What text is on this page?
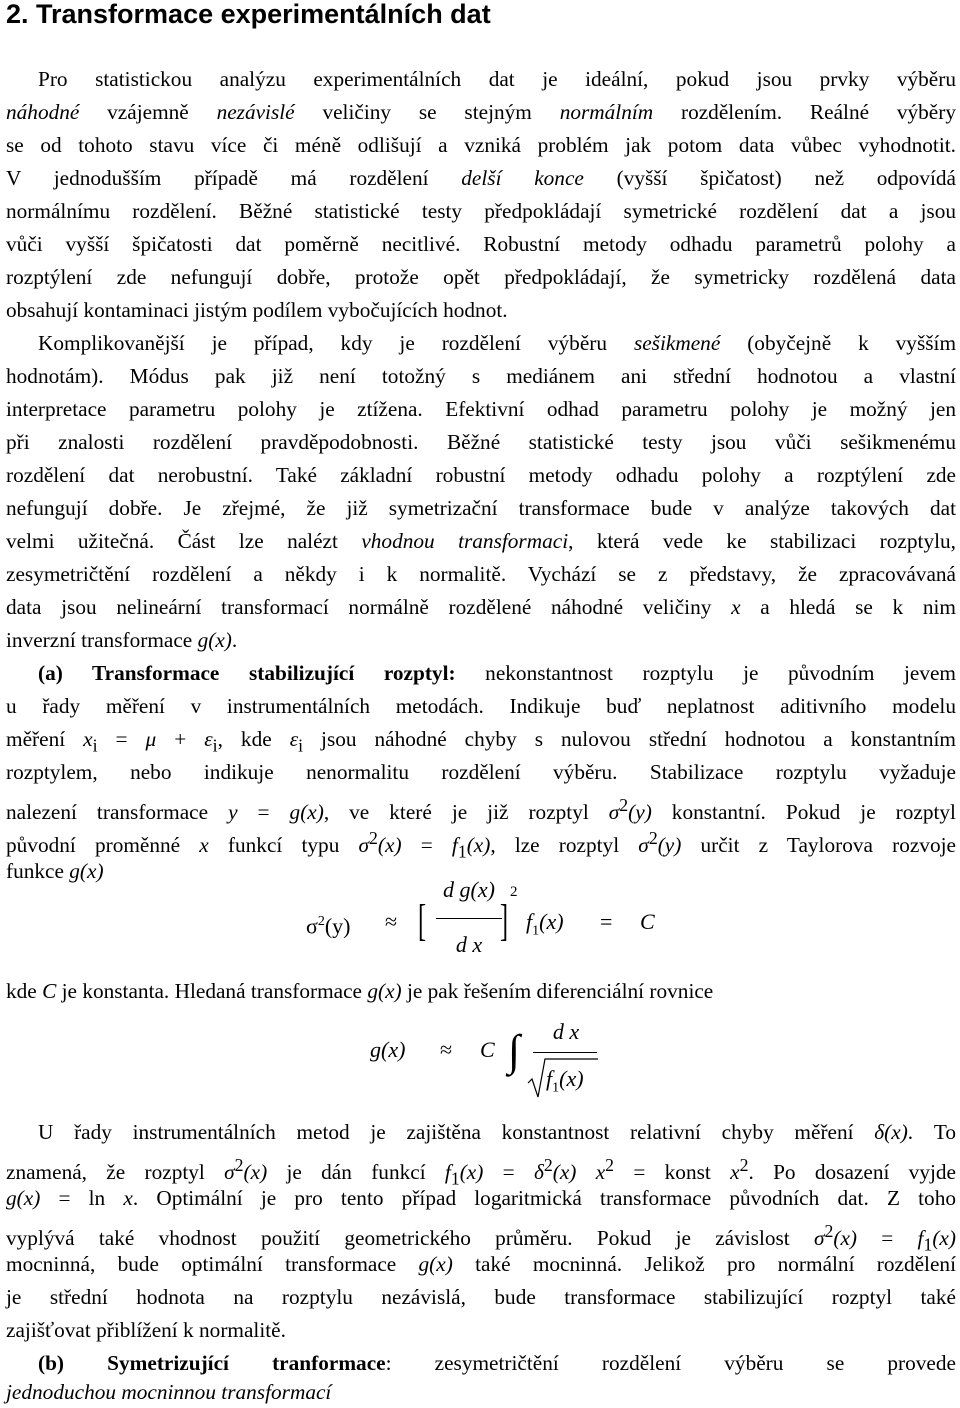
2. Transformace experimentálních dat
Pro statistickou analýzu experimentálních dat je ideální, pokud jsou prvky výběru
náhodné vzájemně nezávislé veličiny se stejným normálním rozdělením. Reálné výběry
se od tohoto stavu více či méně odlišují a vzniká problém jak potom data vůbec vyhodnotit.
V jednodušším případě má rozdělení delší konce (vyšší špičatost) než odpovídá
normálnímu rozdělení. Běžné statistické testy předpokládají symetrické rozdělení dat a jsou
vůči vyšší špičatosti dat poměrně necitlivé. Robustní metody odhadu parametrů polohy a
rozptýlení zde nefungují dobře, protože opět předpokládají, že symetricky rozdělená data
obsahují kontaminaci jistým podílem vybočujících hodnot.
Komplikovanější je případ, kdy je rozdělení výběru sešikmené (obyčejně k vyšším
hodnotám). Módus pak již není totožný s mediánem ani střední hodnotou a vlastní
interpretace parametru polohy je ztížena. Efektivní odhad parametru polohy je možný jen
při znalosti rozdělení pravděpodobnosti. Běžné statistické testy jsou vůči sešikmenému
rozdělení dat nerobustní. Také základní robustní metody odhadu polohy a rozptýlení zde
nefungují dobře. Je zřejmé, že již symetrizační transformace bude v analýze takových dat
velmi užitečná. Část lze nalézt vhodnou transformaci, která vede ke stabilizaci rozptylu,
zesymetričtění rozdělení a někdy i k normalitě. Vychází se z představy, že zpracovávaná
data jsou nelineární transformací normálně rozdělené náhodné veličiny x a hledá se k nim
inverzní transformace g(x).
(a) Transformace stabilizující rozptyl: nekonstantnost rozptylu je původním jevem
u řady měření v instrumentálních metodách. Indikuje buď neplatnost aditivního modelu
měření $x_i = \mu + \varepsilon_i$, kde $\varepsilon_i$ jsou náhodné chyby s nulovou střední hodnotou a konstantním
rozptylem, nebo indikuje nenormalitu rozdělení výběru. Stabilizace rozptylu vyžaduje
nalezení transformace y = g(x), ve které je již rozptyl $\sigma^2(y)$ konstantní. Pokud je rozptyl
původní proměnné x funkcí typu $\sigma^2(x) = f_1(x)$, lze rozptyl $\sigma^2(y)$ určit z Taylorova rozvoje
funkce g(x)
$\sigma^2(y)$ ≈ [
d g(x)
d x ]
2
$f_1(x) = C$
kde C je konstanta. Hledaná transformace g(x) je pak řešením diferenciální rovnice
g(x) ≈ C ∫	d x
$f_1(x)$
U řady instrumentálních metod je zajištěna konstantnost relativní chyby měření δ(x). To
znamená, že rozptyl $\sigma^2(x)$ je dán funkcí $f_1(x) = \delta^2(x) x^2$ = konst $x^2$. Po dosazení vyjde
g(x) = ln x. Optimální je pro tento případ logaritmická transformace původních dat. Z toho
vyplývá také vhodnost použití geometrického průměru. Pokud je závislost $\sigma^2(x) = f_1(x)$
mocninná, bude optimální transformace g(x) také mocninná. Jelikož pro normální rozdělení
je střední hodnota na rozptylu nezávislá, bude transformace stabilizující rozptyl také
zajišťovat přiblížení k normalitě.
(b) Symetrizující tranformace: zesymetričtění rozdělení výběru se provede
jednoduchou mocninnou transformací
